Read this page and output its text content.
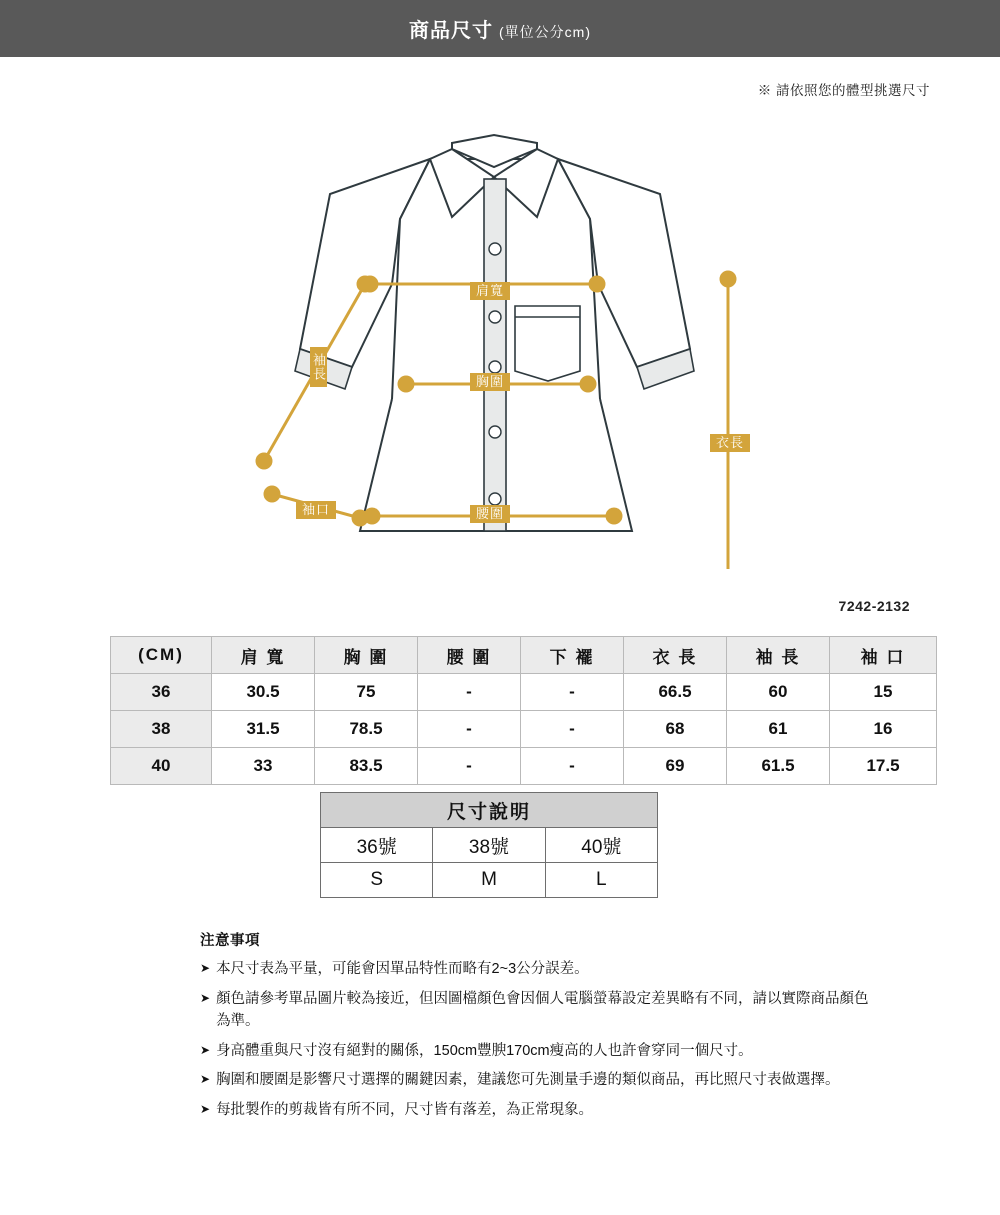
商品尺寸 (單位公分cm)
※ 請依照您的體型挑選尺寸
肩寬
胸圍
腰圍
衣長
袖長
袖口
7242-2132
(CM)	肩 寬	胸 圍	腰 圍	下 襬	衣 長	袖 長	袖 口
36	30.5	75	-	-	66.5	60	15
38	31.5	78.5	-	-	68	61	16
40	33	83.5	-	-	69	61.5	17.5
尺寸說明		
36號	38號	40號
S	M	L
注意事項
➤ 本尺寸表為平量，可能會因單品特性而略有2~3公分誤差。
➤ 顏色請參考單品圖片較為接近，但因圖檔顏色會因個人電腦螢幕設定差異略有不同，請以實際商品顏色為準。
➤ 身高體重與尺寸沒有絕對的關係，150cm豐腴170cm瘦高的人也許會穿同一個尺寸。
➤ 胸圍和腰圍是影響尺寸選擇的關鍵因素，建議您可先測量手邊的類似商品，再比照尺寸表做選擇。
➤ 每批製作的剪裁皆有所不同，尺寸皆有落差，為正常現象。
